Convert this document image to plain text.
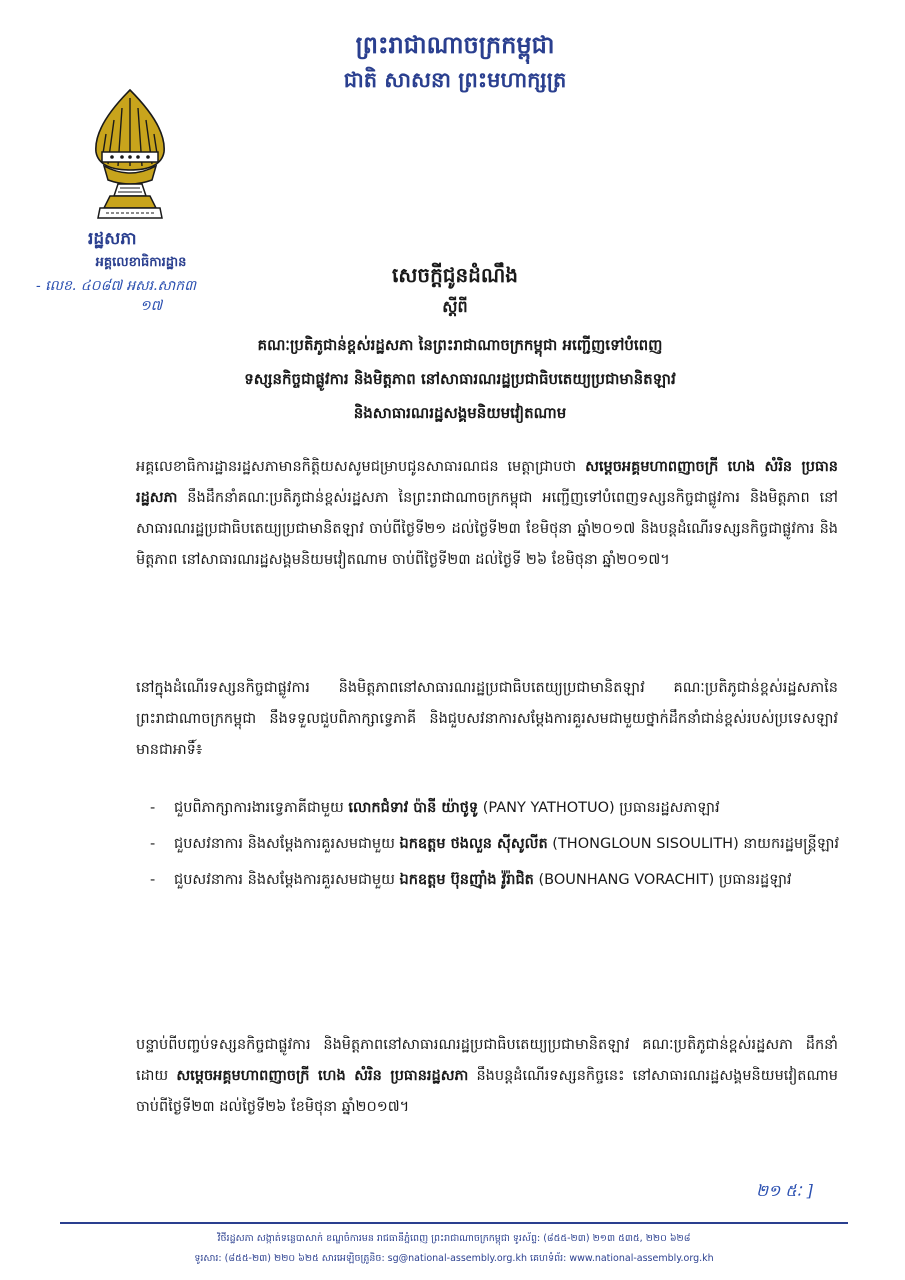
ព្រះរាជាណាចក្រកម្ពុជា
ជាតិ សាសនា ព្រះមហាក្សត្រ
រដ្ឋសភា
អគ្គលេខាធិការដ្ឋាន
- លេខ. ៤០៨៧ អសរ.សាក៣
១៧
សេចក្តីជូនដំណឹង
ស្តីពី
គណៈប្រតិភូជាន់ខ្ពស់រដ្ឋសភា នៃព្រះរាជាណាចក្រកម្ពុជា អញ្ជើញទៅបំពេញ
ទស្សនកិច្ចជាផ្លូវការ និងមិត្តភាព នៅសាធារណរដ្ឋប្រជាធិបតេយ្យប្រជាមានិតឡាវ
និងសាធារណរដ្ឋសង្គមនិយមវៀតណាម
អគ្គលេខាធិការដ្ឋានរដ្ឋសភាមានកិត្តិយសសូមជម្រាបជូនសាធារណជន មេត្តាជ្រាបថា សម្តេចអគ្គមហាពញាចក្រី ហេង សំរិន ប្រធានរដ្ឋសភា នឹងដឹកនាំគណៈប្រតិភូជាន់ខ្ពស់រដ្ឋសភា នៃព្រះរាជាណាចក្រកម្ពុជា អញ្ជើញទៅបំពេញទស្សនកិច្ចជាផ្លូវការ និងមិត្តភាព នៅសាធារណរដ្ឋប្រជាធិបតេយ្យប្រជាមានិតឡាវ ចាប់ពីថ្ងៃទី២១ ដល់ថ្ងៃទី២៣ ខែមិថុនា ឆ្នាំ២០១៧ និងបន្តដំណើរទស្សនកិច្ចជាផ្លូវការ និងមិត្តភាព នៅសាធារណរដ្ឋសង្គមនិយមវៀតណាម ចាប់ពីថ្ងៃទី២៣ ដល់ថ្ងៃទី ២៦ ខែមិថុនា ឆ្នាំ២០១៧។
នៅក្នុងដំណើរទស្សនកិច្ចជាផ្លូវការ និងមិត្តភាពនៅសាធារណរដ្ឋប្រជាធិបតេយ្យប្រជាមានិតឡាវ គណៈប្រតិភូជាន់ខ្ពស់រដ្ឋសភានៃព្រះរាជាណាចក្រកម្ពុជា នឹងទទួលជួបពិភាក្សាទ្វេភាគី និងជួបសវនាការសម្តែងការគួរសមជាមួយថ្នាក់ដឹកនាំជាន់ខ្ពស់របស់ប្រទេសឡាវ មានជាអាទិ៍៖
- ជួបពិភាក្សាការងារទ្វេភាគីជាមួយ លោកជំទាវ ប៉ានី យ៉ាថូទូ (PANY YATHOTUO) ប្រធានរដ្ឋសភាឡាវ
- ជួបសវនាការ និងសម្តែងការគួរសមជាមួយ ឯកឧត្តម ថងលួន ស៊ីសូលីត (THONGLOUN SISOULITH) នាយករដ្ឋមន្ត្រីឡាវ
- ជួបសវនាការ និងសម្តែងការគួរសមជាមួយ ឯកឧត្តម ប៊ុនញ៉ាំង វ៉ូរ៉ាជិត (BOUNHANG VORACHIT) ប្រធានរដ្ឋឡាវ
បន្ទាប់ពីបញ្ចប់ទស្សនកិច្ចជាផ្លូវការ និងមិត្តភាពនៅសាធារណរដ្ឋប្រជាធិបតេយ្យប្រជាមានិតឡាវ គណៈប្រតិភូជាន់ខ្ពស់រដ្ឋសភា ដឹកនាំដោយ សម្តេចអគ្គមហាពញាចក្រី ហេង សំរិន ប្រធានរដ្ឋសភា នឹងបន្តដំណើរទស្សនកិច្ចនេះ នៅសាធារណរដ្ឋសង្គមនិយមវៀតណាម ចាប់ពីថ្ងៃទី២៣ ដល់ថ្ងៃទី២៦ ខែមិថុនា ឆ្នាំ២០១៧។
២១ ៥ៈ ]
វិថីរដ្ឋសភា សង្កាត់ទន្លេបាសាក់ ខណ្ឌចំការមន រាជធានីភ្នំពេញ ព្រះរាជាណាចក្រកម្ពុជា ទូរស័ព្ទ: (៨៥៥-២៣) ២១៣ ៥៣៥, ២២០ ៦២៨
ទូរសារ: (៨៥៥-២៣) ២២០ ៦២៥ សារអេឡិចត្រូនិច: sg@national-assembly.org.kh គេហទំព័រ: www.national-assembly.org.kh
